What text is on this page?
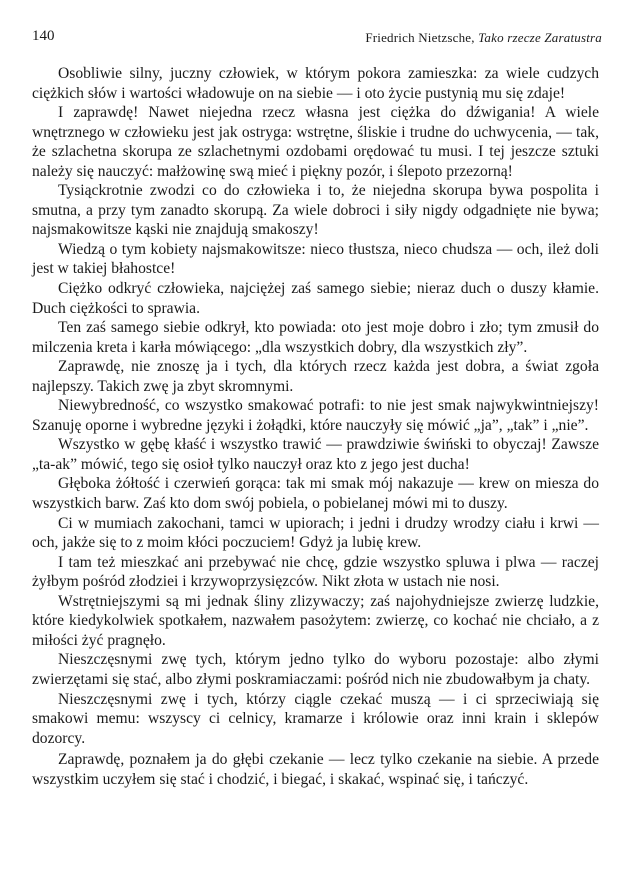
140	Friedrich Nietzsche, Tako rzecze Zaratustra

Osobliwie silny, juczny człowiek, w którym pokora zamieszka: za wiele cudzych ciężkich słów i wartości władowuje on na siebie — i oto życie pustynią mu się zdaje!

I zaprawdę! Nawet niejedna rzecz własna jest ciężka do dźwigania! A wiele wnętrznego w człowieku jest jak ostryga: wstrętne, śliskie i trudne do uchwycenia, — tak, że szlachetna skorupa ze szlachetnymi ozdobami orędować tu musi. I tej jeszcze sztuki należy się nauczyć: małżowinę swą mieć i piękny pozór, i ślepoto przezorną!

Tysiąckrotnie zwodzi co do człowieka i to, że niejedna skorupa bywa pospolita i smutna, a przy tym zanadto skorupą. Za wiele dobroci i siły nigdy odgadnięte nie bywa; najsmakowitsze kąski nie znajdują smakoszy!

Wiedzą o tym kobiety najsmakowitsze: nieco tłustsza, nieco chudsza — och, ileż doli jest w takiej błahostce!

Ciężko odkryć człowieka, najciężej zaś samego siebie; nieraz duch o duszy kłamie. Duch ciężkości to sprawia.

Ten zaś samego siebie odkrył, kto powiada: oto jest moje dobro i zło; tym zmusił do milczenia kreta i karła mówiącego: „dla wszystkich dobry, dla wszystkich zły”.

Zaprawdę, nie znoszę ja i tych, dla których rzecz każda jest dobra, a świat zgoła najlepszy. Takich zwę ja zbyt skromnymi.

Niewybredność, co wszystko smakować potrafi: to nie jest smak najwykwintniejszy! Szanuję oporne i wybredne języki i żołądki, które nauczyły się mówić „ja”, „tak” i „nie”.

Wszystko w gębę kłaść i wszystko trawić — prawdziwie świński to obyczaj! Zawsze „ta-ak” mówić, tego się osioł tylko nauczył oraz kto z jego jest ducha!

Głęboka żółtość i czerwień gorąca: tak mi smak mój nakazuje — krew on miesza do wszystkich barw. Zaś kto dom swój pobiela, o pobielanej mówi mi to duszy.

Ci w mumiach zakochani, tamci w upiorach; i jedni i drudzy wrodzy ciału i krwi — och, jakże się to z moim kłóci poczuciem! Gdyż ja lubię krew.

I tam też mieszkać ani przebywać nie chcę, gdzie wszystko spluwa i plwa — raczej żyłbym pośród złodziei i krzywoprzysięzców. Nikt złota w ustach nie nosi.

Wstrętniejszymi są mi jednak śliny zlizywaczy; zaś najohydniejsze zwierzę ludzkie, które kiedykolwiek spotkałem, nazwałem pasożytem: zwierzę, co kochać nie chciało, a z miłości żyć pragnęło.

Nieszczęsnymi zwę tych, którym jedno tylko do wyboru pozostaje: albo złymi zwierzętami się stać, albo złymi poskramiaczami: pośród nich nie zbudowałbym ja chaty.

Nieszczęsnymi zwę i tych, którzy ciągle czekać muszą — i ci sprzeciwiają się smakowi memu: wszyscy ci celnicy, kramarze i królowie oraz inni krain i sklepów dozorcy.

Zaprawdę, poznałem ja do głębi czekanie — lecz tylko czekanie na siebie. A przede wszystkim uczyłem się stać i chodzić, i biegać, i skakać, wspinać się, i tańczyć.
